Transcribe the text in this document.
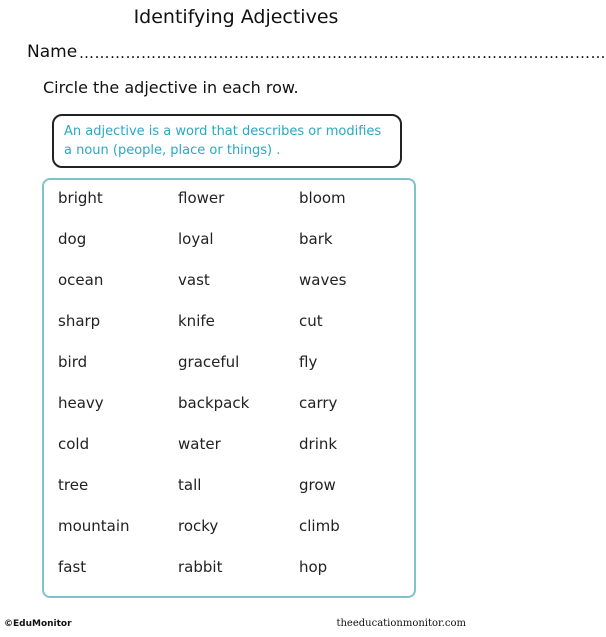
Identifying Adjectives
Name …………………………………………………………………………………………
Circle the adjective in each row.
An adjective is a word that describes or modifies a noun (people, place or things) .
bright	flower	bloom
dog	loyal	bark
ocean	vast	waves
sharp	knife	cut
bird	graceful	fly
heavy	backpack	carry
cold	water	drink
tree	tall	grow
mountain	rocky	climb
fast	rabbit	hop
©EduMonitor	theeducationmonitor.com
